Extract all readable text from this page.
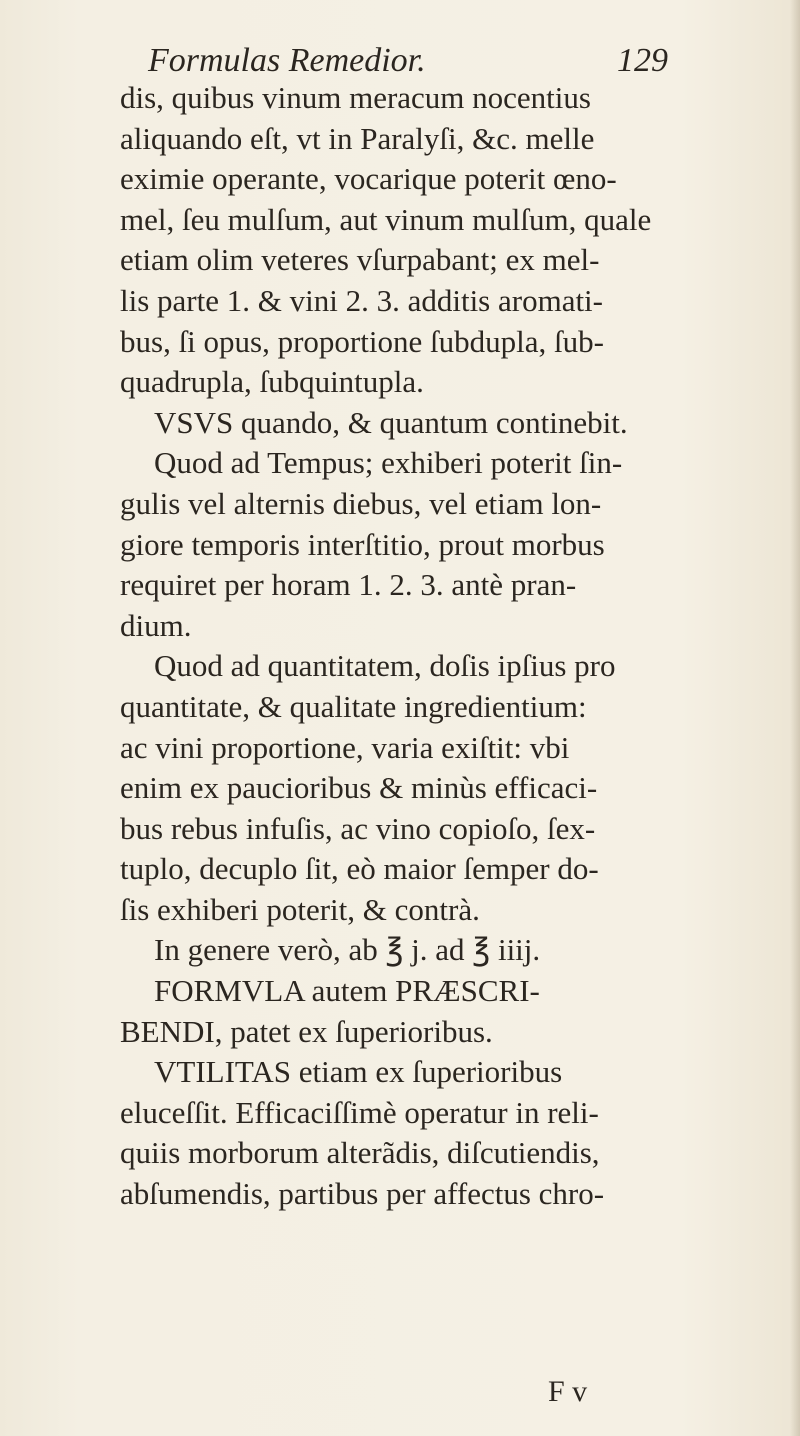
Formulas Remedior.	129
dis, quibus vinum meracum nocentius
aliquando eſt, vt in Paralyſi, &c. melle
eximie operante, vocarique poterit œno-
mel, ſeu mulſum, aut vinum mulſum, quale
etiam olim veteres vſurpabant; ex mel-
lis parte 1. & vini 2. 3. additis aromati-
bus, ſi opus, proportione ſubdupla, ſub-
quadrupla, ſubquintupla.
VSVS quando, & quantum continebit.
Quod ad Tempus; exhiberi poterit ſin-
gulis vel alternis diebus, vel etiam lon-
giore temporis interſtitio, prout morbus
requiret per horam 1. 2. 3. antè pran-
dium.
Quod ad quantitatem, doſis ipſius pro
quantitate, & qualitate ingredientium:
ac vini proportione, varia exiſtit: vbi
enim ex paucioribus & minùs efficaci-
bus rebus infuſis, ac vino copioſo, ſex-
tuplo, decuplo ſit, eò maior ſemper do-
ſis exhiberi poterit, & contrà.
In genere verò, ab ℥ j. ad ℥ iiij.
FORMVLA autem PRÆSCRI-
BENDI, patet ex ſuperioribus.
VTILITAS etiam ex ſuperioribus
eluceſſit. Efficaciſſimè operatur in reli-
quiis morborum alterãdis, diſcutiendis,
abſumendis, partibus per affectus chro-
F v
